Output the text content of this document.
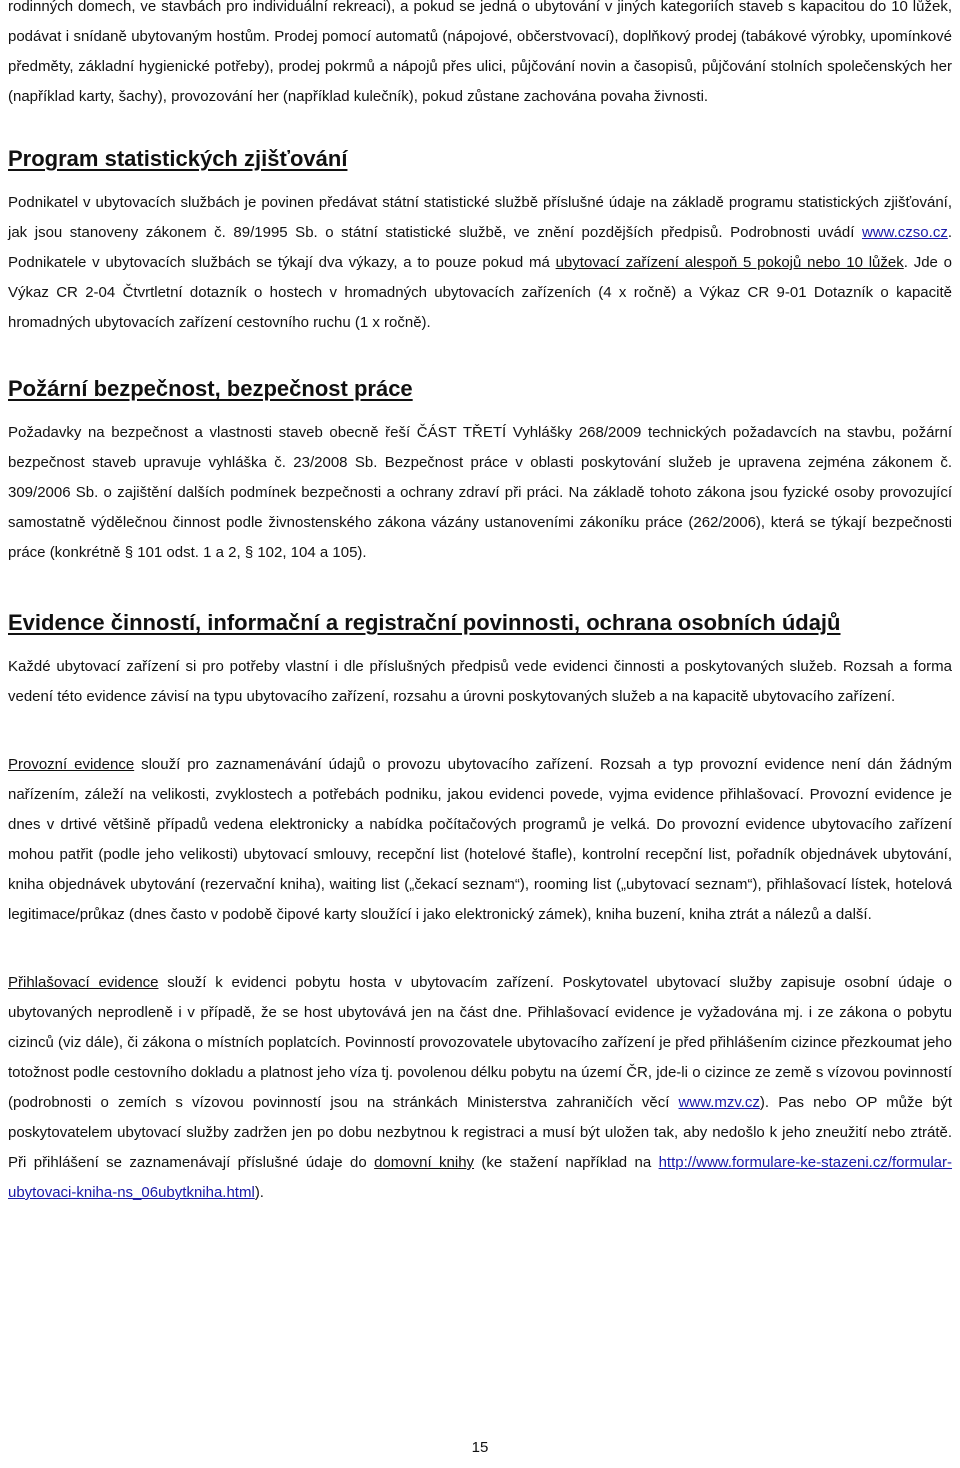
rodinných domech, ve stavbách pro individuální rekreaci), a pokud se jedná o ubytování v jiných kategoriích staveb s kapacitou do 10 lůžek, podávat i snídaně ubytovaným hostům. Prodej pomocí automatů (nápojové, občerstvovací), doplňkový prodej (tabákové výrobky, upomínkové předměty, základní hygienické potřeby), prodej pokrmů a nápojů přes ulici, půjčování novin a časopisů, půjčování stolních společenských her (například karty, šachy), provozování her (například kulečník), pokud zůstane zachována povaha živnosti.

Program statistických zjišťování

Podnikatel v ubytovacích službách je povinen předávat státní statistické službě příslušné údaje na základě programu statistických zjišťování, jak jsou stanoveny zákonem č. 89/1995 Sb. o státní statistické službě, ve znění pozdějších předpisů. Podrobnosti uvádí www.czso.cz. Podnikatele v ubytovacích službách se týkají dva výkazy, a to pouze pokud má ubytovací zařízení alespoň 5 pokojů nebo 10 lůžek. Jde o Výkaz CR 2-04 Čtvrtletní dotazník o hostech v hromadných ubytovacích zařízeních (4 x ročně) a Výkaz CR 9-01 Dotazník o kapacitě hromadných ubytovacích zařízení cestovního ruchu (1 x ročně).

Požární bezpečnost, bezpečnost práce

Požadavky na bezpečnost a vlastnosti staveb obecně řeší ČÁST TŘETÍ Vyhlášky 268/2009 technických požadavcích na stavbu, požární bezpečnost staveb upravuje vyhláška č. 23/2008 Sb. Bezpečnost práce v oblasti poskytování služeb je upravena zejména zákonem č. 309/2006 Sb. o zajištění dalších podmínek bezpečnosti a ochrany zdraví při práci. Na základě tohoto zákona jsou fyzické osoby provozující samostatně výdělečnou činnost podle živnostenského zákona vázány ustanoveními zákoníku práce (262/2006), která se týkají bezpečnosti práce (konkrétně § 101 odst. 1 a 2, § 102, 104 a 105).

Evidence činností, informační a registrační povinnosti, ochrana osobních údajů

Každé ubytovací zařízení si pro potřeby vlastní i dle příslušných předpisů vede evidenci činnosti a poskytovaných služeb. Rozsah a forma vedení této evidence závisí na typu ubytovacího zařízení, rozsahu a úrovni poskytovaných služeb a na kapacitě ubytovacího zařízení.

Provozní evidence slouží pro zaznamenávání údajů o provozu ubytovacího zařízení. Rozsah a typ provozní evidence není dán žádným nařízením, záleží na velikosti, zvyklostech a potřebách podniku, jakou evidenci povede, vyjma evidence přihlašovací. Provozní evidence je dnes v drtivé většině případů vedena elektronicky a nabídka počítačových programů je velká. Do provozní evidence ubytovacího zařízení mohou patřit (podle jeho velikosti) ubytovací smlouvy, recepční list (hotelové štafle), kontrolní recepční list, pořadník objednávek ubytování, kniha objednávek ubytování (rezervační kniha), waiting list („čekací seznam“), rooming list („ubytovací seznam“), přihlašovací lístek, hotelová legitimace/průkaz (dnes často v podobě čipové karty sloužící i jako elektronický zámek), kniha buzení, kniha ztrát a nálezů a další.

Přihlašovací evidence slouží k evidenci pobytu hosta v ubytovacím zařízení. Poskytovatel ubytovací služby zapisuje osobní údaje o ubytovaných neprodleně i v případě, že se host ubytovává jen na část dne. Přihlašovací evidence je vyžadována mj. i ze zákona o pobytu cizinců (viz dále), či zákona o místních poplatcích. Povinností provozovatele ubytovacího zařízení je před přihlášením cizince přezkoumat jeho totožnost podle cestovního dokladu a platnost jeho víza tj. povolenou délku pobytu na území ČR, jde-li o cizince ze země s vízovou povinností (podrobnosti o zemích s vízovou povinností jsou na stránkách Ministerstva zahraničích věcí www.mzv.cz). Pas nebo OP může být poskytovatelem ubytovací služby zadržen jen po dobu nezbytnou k registraci a musí být uložen tak, aby nedošlo k jeho zneužití nebo ztrátě. Při přihlášení se zaznamenávají příslušné údaje do domovní knihy (ke stažení například na http://www.formulare-ke-stazeni.cz/formular-ubytovaci-kniha-ns_06ubytkniha.html).

15
